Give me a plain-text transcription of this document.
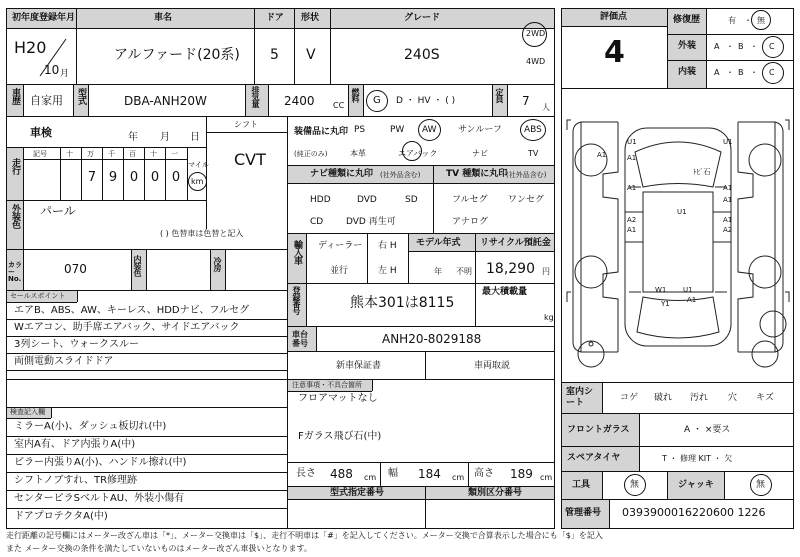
初年度登録年月	車名	ドア 形状	グレード
H20
10 月
アルファード(20系) 5 V	240S
2WD
4WD
車歴 自家用 型式	DBA-ANH20W	排気量 2400 CC
燃料 G D ・ HV ・ ( )	定員 7 人
車検	年 月 日
シフト
CVT
走行
記号	十 万 千 百 十 一
7 9 0 0 0
マイル
km
外装色 パール
( ) 色替車は色替と記入
カラーNo.
070	内装色	冷房
装備品に丸印
(純正のみ)
PS	PW AW サンルーフ ABS
本革	エアバック	ナビ	TV
ナビ種類に丸印 (社外品含む)	TV 種類に丸印
(社外品含む)
HDD	DVD	SD
CD	DVD 再生可
フルセグ ワンセグ
アナログ
輸入車 ディーラー
並行
右 H
左 H
モデル年式
年 不明
リサイクル預託金
18,290 円
登録番号	熊本301は8115
最大積載量
kg
車台番号	ANH20-8029188
セールスポイント
エアB、ABS、AW、キーレス、HDDナビ、フルセグ
Wエアコン、助手席エアバック、サイドエアバック
3列シート、ウォークスルー
両側電動スライドドア	新車保証書	車両取説
注意事項・不具合箇所
フロアマットなし
Fガラス飛び石(中)
検査記入欄
ミラーA(小)、ダッシュ板切れ(中)
室内A有、ドア内張りA(中)
ピラー内張りA(小)、ハンドル擦れ(中)
シフトノブすれ、TR修理跡
センターピラSベルトAU、外装小傷有
ドアプロテクタA(中)
長さ 488 cm 幅 184 cm 高さ 189 cm
型式指定番号	類別区分番号
評価点
4
修復歴
外装
内装
有 ・ 無
A ・ B ・ C
A ・ B ・ C
A1
U1
A1
A1
U1
A1
A2
A1
U1
A1
A2
A1
W1 U1
A1
Y1
ﾄﾋﾞ石
室内シート	コゲ 破れ 汚れ 穴 キズ
フロントガラス	A ・ ×要ス
スペアタイヤ	T ・ 修理 KIT ・ 欠
工具	無	ジャッキ	無
管理番号 0393900016220600 1226
走行距離の記号欄にはメーター改ざん車は「*」、メーター交換車は「$」、走行不明車は「#」を記入してください。メーター交換で合算表示した場合にも「$」を記入
また メーター交換の条件を満たしていないものはメーター改ざん車扱いとなります。
